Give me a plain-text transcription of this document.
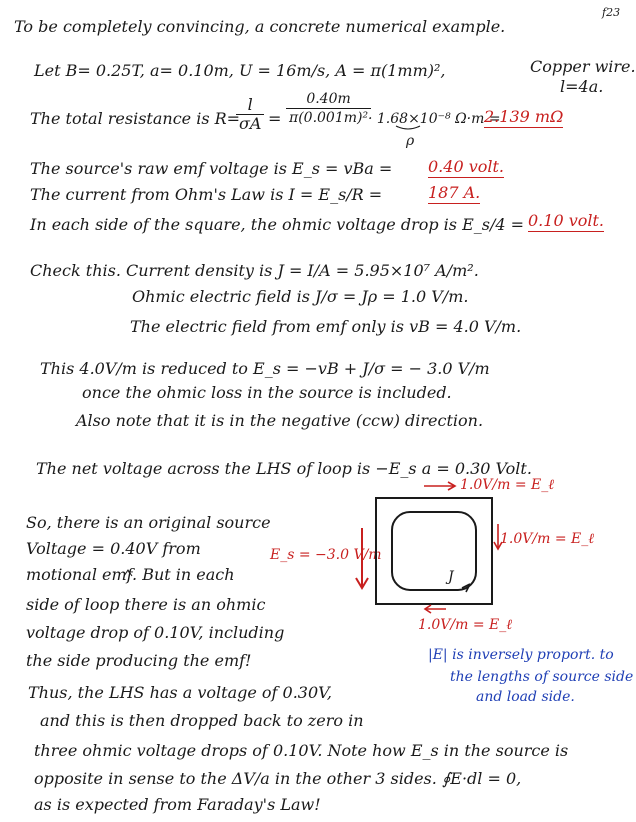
f23
To be completely convincing, a concrete numerical example.
Let B= 0.25T, a= 0.10m, U = 16m/s, A = π(1mm)²,	Copper wire.
l=4a.
The total resistance is R=
$\frac{l}{\sigma A} = \frac{0.40m}{\text{π(0.001m)²}}$
· 1.68×10⁻⁸ Ω·m =
2.139 mΩ
ρ
The source's raw emf voltage is E_s = vBa = 0.40 volt.
The current from Ohm's Law is I = E_s/R =	187 A.
In each side of the square, the ohmic voltage drop is E_s/4 = 0.10 volt.
Check this. Current density is J = I/A = 5.95×10⁷ A/m².
Ohmic electric field is J/σ = Jρ = 1.0 V/m.
The electric field from emf only is vB = 4.0 V/m.
This 4.0V/m is reduced to E_s = −vB + J/σ = − 3.0 V/m
once the ohmic loss in the source is included.
Also note that it is in the negative (ccw) direction.
The net voltage across the LHS of loop is −E_s a = 0.30 Volt.
So, there is an original source
Voltage = 0.40V from
motional emf. But in each
side of loop there is an ohmic
voltage drop of 0.10V, including
the side producing the emf!
1.0V/m = E_ℓ
1.0V/m = E_ℓ
1.0V/m = E_ℓ
E_s = −3.0 V/m
J
|E| is inversely proport. to
the lengths of source side
and load side.
Thus, the LHS has a voltage of 0.30V,
and this is then dropped back to zero in
three ohmic voltage drops of 0.10V. Note how E_s in the source is
opposite in sense to the ΔV/a in the other 3 sides. ∮E·dl = 0,
as is expected from Faraday's Law!
